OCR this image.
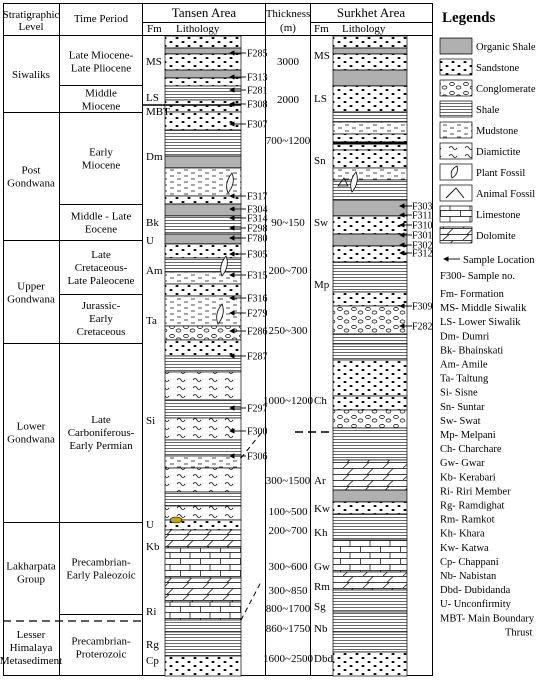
Stratigraphic
Level
Time Period	Tansen Area
Fm Lithology
Thickness
(m)
Surkhet Area
Fm Lithology
Siwaliks
Post
Gondwana
Upper
Gondwana
Lower
Gondwana
Lakharpata
Group
Lesser
Himalaya
Metasediment
Late Miocene-
Late Pliocene
Middle
Miocene
Early
Miocene
Middle - Late
Eocene
Late
Cretaceous-
Late Paleocene
Jurassic-
Early
Cretaceous
Late
Carboniferous-
Early Permian
Precambrian-
Early Paleozoic
Precambrian-
Proterozoic
MS
LS
MBT
Dm
Bk
U
Am
Ta
Si
U
Kb
Ri
Rg
Cp
F285
F313
F281
F308
F307
F317
F304
F314
F298
F780
F305
F315
F316
F279
F286
F287
F297
F300
F306
3000
2000
700~1200
90~150
200~700
250~300
1000~1200
300~1500
100~500
200~700
300~600
300~850
800~1700
860~1750
1600~2500
MS
LS
Sn
Sw
Mp
Ch
Ar
Kw
Kh
Gw
Rm
Sg
Nb
Dbd
F303
F311
F310
F301
F302
F312
F309
F282
Legends
Organic Shale
Sandstone
Conglomerate
Shale
Mudstone
Diamictite
Plant Fossil
Animal Fossil
Limestone
Dolomite
Sample Location
F300- Sample no.
Fm- Formation
MS- Middle Siwalik
LS- Lower Siwalik
Dm- Dumri
Bk- Bhainskati
Am- Amile
Ta- Taltung
Si- Sisne
Sn- Suntar
Sw- Swat
Mp- Melpani
Ch- Charchare
Gw- Gwar
Kb- Kerabari
Ri- Riri Member
Rg- Ramdighat
Rm- Ramkot
Kh- Khara
Kw- Katwa
Cp- Chappani
Nb- Nabistan
Dbd- Dubidanda
U- Unconfirmity
MBT- Main Boundary
Thrust
